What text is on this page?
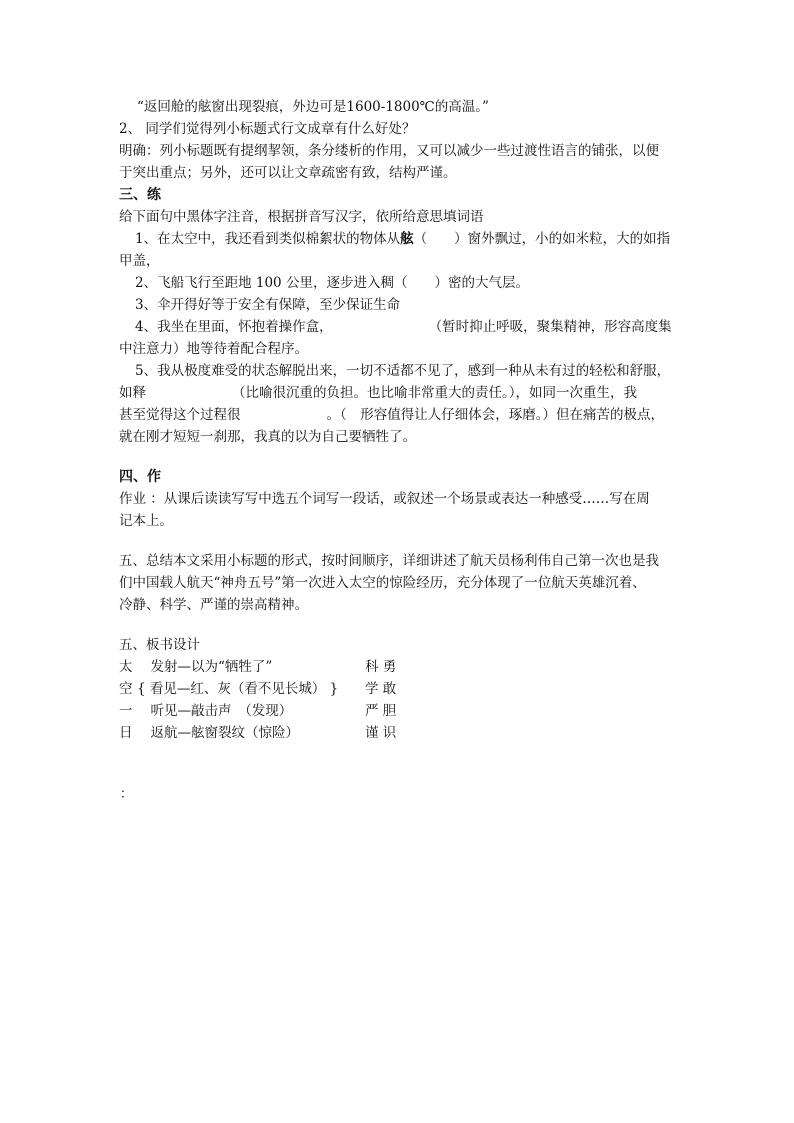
“返回舱的舷窗出现裂痕，外边可是1600-1800℃的高温。”
2、 同学们觉得列小标题式行文成章有什么好处？
明确：列小标题既有提纲挈领，条分缕析的作用，又可以减少一些过渡性语言的铺张，以便
于突出重点；另外，还可以让文章疏密有致，结构严谨。
三、练
给下面句中黑体字注音，根据拼音写汉字，依所给意思填词语
1、在太空中，我还看到类似棉絮状的物体从舷（　　）窗外飘过，小的如米粒，大的如指
甲盖，
2、飞船飞行至距地 100 公里，逐步进入稠（　　）密的大气层。
3、伞开得好等于安全有保障，至少保证生命
4、我坐在里面，怀抱着操作盒，	（暂时抑止呼吸，聚集精神，形容高度集
中注意力）地等待着配合程序。
5、我从极度难受的状态解脱出来，一切不适都不见了，感到一种从未有过的轻松和舒服，
如释	（比喻很沉重的负担。也比喻非常重大的责任。），如同一次重生，我
甚至觉得这个过程很	。（　形容值得让人仔细体会，琢磨。）但在痛苦的极点，
就在刚才短短一刹那，我真的以为自己要牺牲了。
四、作
作业 ：从课后读读写写中选五个词写一段话，或叙述一个场景或表达一种感受……写在周
记本上。
五、总结本文采用小标题的形式，按时间顺序，详细讲述了航天员杨利伟自己第一次也是我
们中国载人航天“神舟五号”第一次进入太空的惊险经历，充分体现了一位航天英雄沉着、
冷静、科学、严谨的崇高精神。
五、板书设计
太 　发射—以为“牺牲了”	科 勇
空 { 看见—红、灰（看不见长城） }	学 敢
一 　听见—敲击声　（发现）	严 胆
日 　返航—舷窗裂纹（惊险）	谨 识
：
